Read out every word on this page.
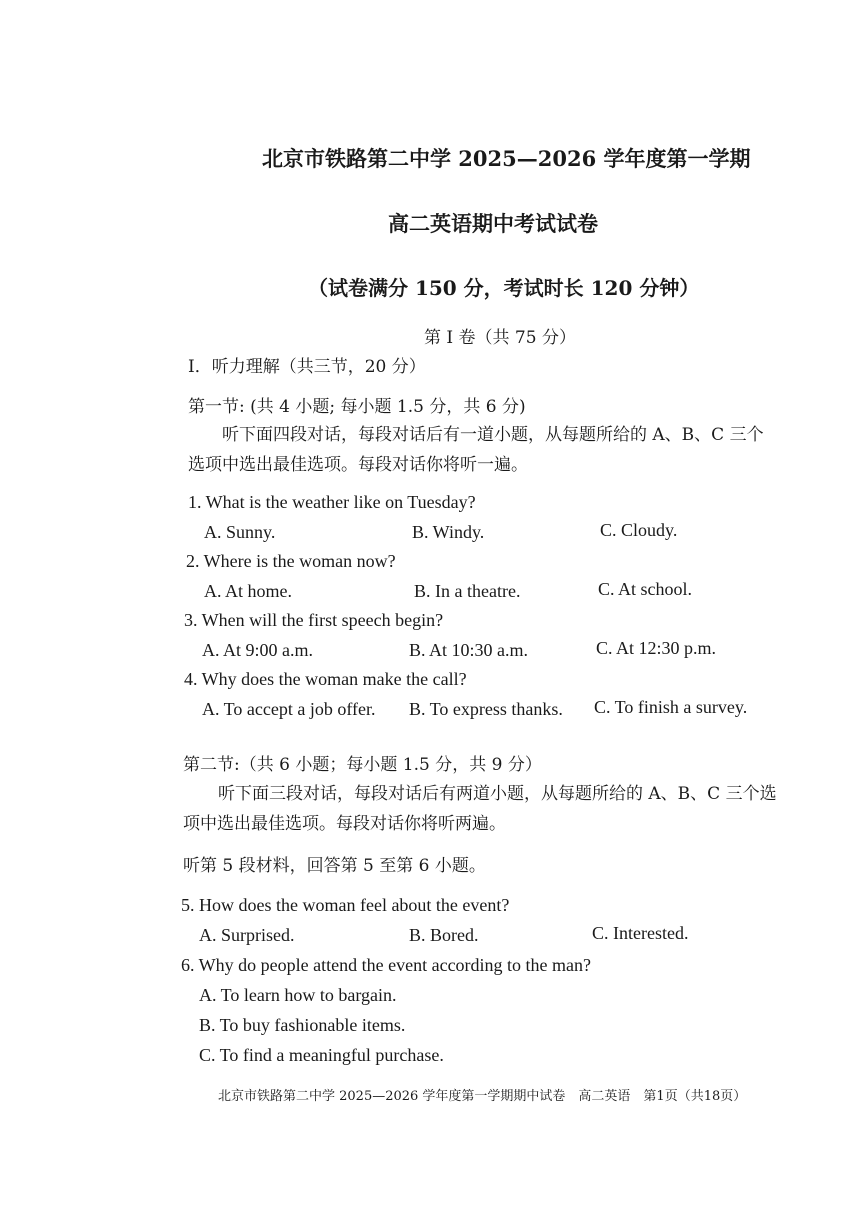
北京市铁路第二中学 2025—2026 学年度第一学期
高二英语期中考试试卷
（试卷满分 150 分，考试时长 120 分钟）
第 I 卷（共 75 分）
I．听力理解（共三节，20 分）
第一节: (共 4 小题; 每小题 1.5 分，共 6 分)
听下面四段对话，每段对话后有一道小题，从每题所给的 A、B、C 三个
选项中选出最佳选项。每段对话你将听一遍。
1. What is the weather like on Tuesday?
A. Sunny.	B. Windy.	C. Cloudy.
2. Where is the woman now?
A. At home.	B. In a theatre.	C. At school.
3. When will the first speech begin?
A. At 9:00 a.m.	B. At 10:30 a.m.	C. At 12:30 p.m.
4. Why does the woman make the call?
A. To accept a job offer. B. To express thanks. C. To finish a survey.
第二节:（共 6 小题；每小题 1.5 分，共 9 分）
听下面三段对话，每段对话后有两道小题，从每题所给的 A、B、C 三个选
项中选出最佳选项。每段对话你将听两遍。
听第 5 段材料，回答第 5 至第 6 小题。
5. How does the woman feel about the event?
A. Surprised.	B. Bored.	C. Interested.
6. Why do people attend the event according to the man?
A. To learn how to bargain.
B. To buy fashionable items.
C. To find a meaningful purchase.
北京市铁路第二中学 2025—2026 学年度第一学期期中试卷　高二英语　第1页（共18页）
